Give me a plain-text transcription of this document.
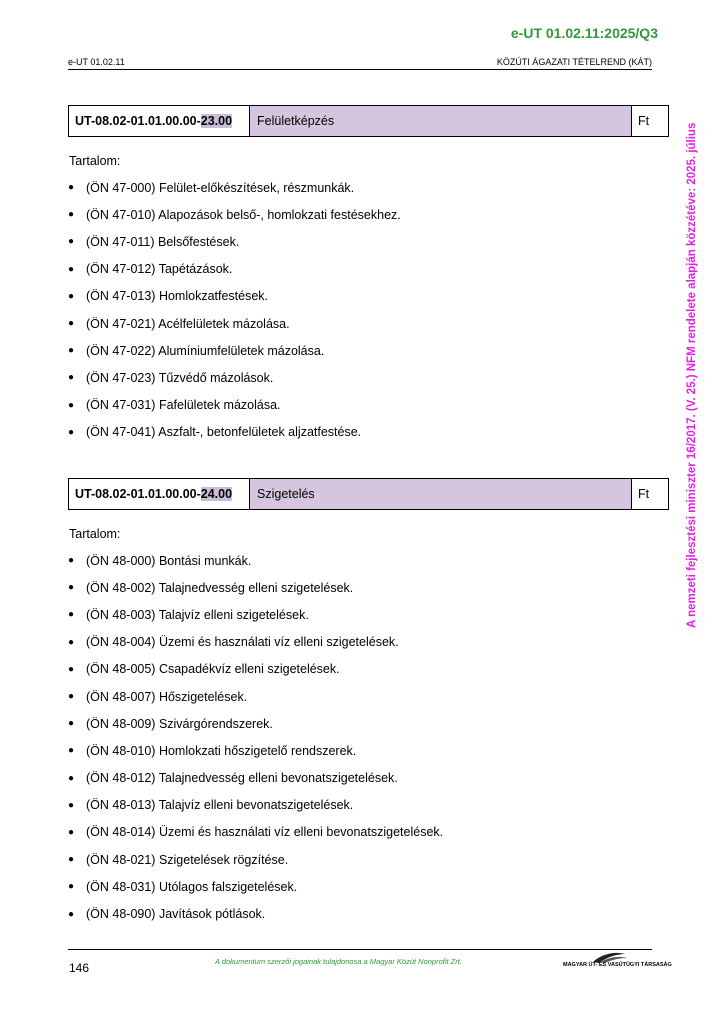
e-UT 01.02.11:2025/Q3
e-UT 01.02.11	KÖZÚTI ÁGAZATI TÉTELREND (KÁT)
A nemzeti fejlesztési miniszter 16/2017. (V. 25.) NFM rendelete alapján közzétéve: 2025. július
UT-08.02-01.01.00.00- 23.00	Felületképzés	Ft
Tartalom:
● (ÖN 47-000) Felület-előkészítések, részmunkák.
● (ÖN 47-010) Alapozások belső-, homlokzati festésekhez.
● (ÖN 47-011) Belsőfestések.
● (ÖN 47-012) Tapétázások.
● (ÖN 47-013) Homlokzatfestések.
● (ÖN 47-021) Acélfelületek mázolása.
● (ÖN 47-022) Alumíniumfelületek mázolása.
● (ÖN 47-023) Tűzvédő mázolások.
● (ÖN 47-031) Fafelületek mázolása.
● (ÖN 47-041) Aszfalt-, betonfelületek aljzatfestése.
UT-08.02-01.01.00.00- 24.00	Szigetelés	Ft
Tartalom:
● (ÖN 48-000) Bontási munkák.
● (ÖN 48-002) Talajnedvesség elleni szigetelések.
● (ÖN 48-003) Talajvíz elleni szigetelések.
● (ÖN 48-004) Üzemi és használati víz elleni szigetelések.
● (ÖN 48-005) Csapadékvíz elleni szigetelések.
● (ÖN 48-007) Hőszigetelések.
● (ÖN 48-009) Szivárgórendszerek.
● (ÖN 48-010) Homlokzati hőszigetelő rendszerek.
● (ÖN 48-012) Talajnedvesség elleni bevonatszigetelések.
● (ÖN 48-013) Talajvíz elleni bevonatszigetelések.
● (ÖN 48-014) Üzemi és használati víz elleni bevonatszigetelések.
● (ÖN 48-021) Szigetelések rögzítése.
● (ÖN 48-031) Utólagos falszigetelések.
● (ÖN 48-090) Javítások pótlások.
146	A dokumentum szerzői jogainak tulajdonosa a Magyar Közút Nonprofit Zrt.	MAGYAR ÚT- ÉS VASÚTÜGYI TÁRSASÁG
